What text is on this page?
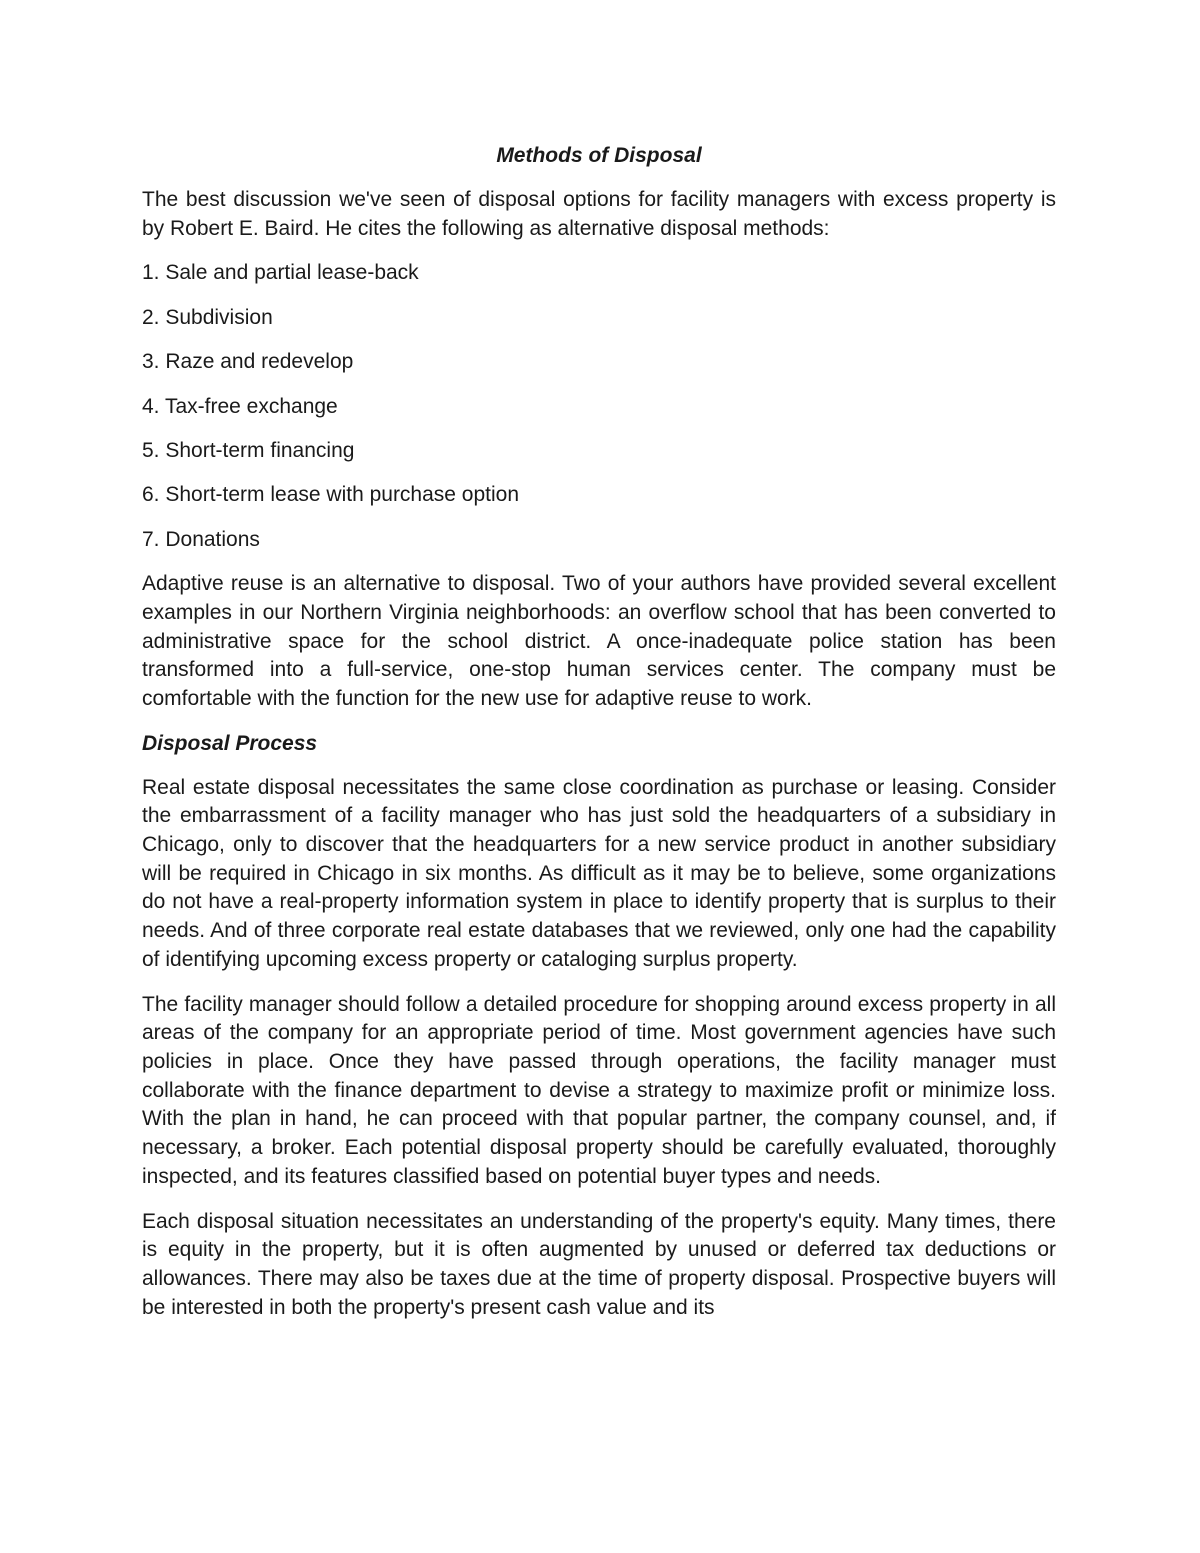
Methods of Disposal

The best discussion we've seen of disposal options for facility managers with excess property is by Robert E. Baird. He cites the following as alternative disposal methods:

1. Sale and partial lease-back
2. Subdivision
3. Raze and redevelop
4. Tax-free exchange
5. Short-term financing
6. Short-term lease with purchase option
7. Donations

Adaptive reuse is an alternative to disposal. Two of your authors have provided several excellent examples in our Northern Virginia neighborhoods: an overflow school that has been converted to administrative space for the school district. A once-inadequate police station has been transformed into a full-service, one-stop human services center. The company must be comfortable with the function for the new use for adaptive reuse to work.

Disposal Process

Real estate disposal necessitates the same close coordination as purchase or leasing. Consider the embarrassment of a facility manager who has just sold the headquarters of a subsidiary in Chicago, only to discover that the headquarters for a new service product in another subsidiary will be required in Chicago in six months. As difficult as it may be to believe, some organizations do not have a real-property information system in place to identify property that is surplus to their needs. And of three corporate real estate databases that we reviewed, only one had the capability of identifying upcoming excess property or cataloging surplus property.

The facility manager should follow a detailed procedure for shopping around excess property in all areas of the company for an appropriate period of time. Most government agencies have such policies in place. Once they have passed through operations, the facility manager must collaborate with the finance department to devise a strategy to maximize profit or minimize loss. With the plan in hand, he can proceed with that popular partner, the company counsel, and, if necessary, a broker. Each potential disposal property should be carefully evaluated, thoroughly inspected, and its features classified based on potential buyer types and needs.

Each disposal situation necessitates an understanding of the property's equity. Many times, there is equity in the property, but it is often augmented by unused or deferred tax deductions or allowances. There may also be taxes due at the time of property disposal. Prospective buyers will be interested in both the property's present cash value and its
